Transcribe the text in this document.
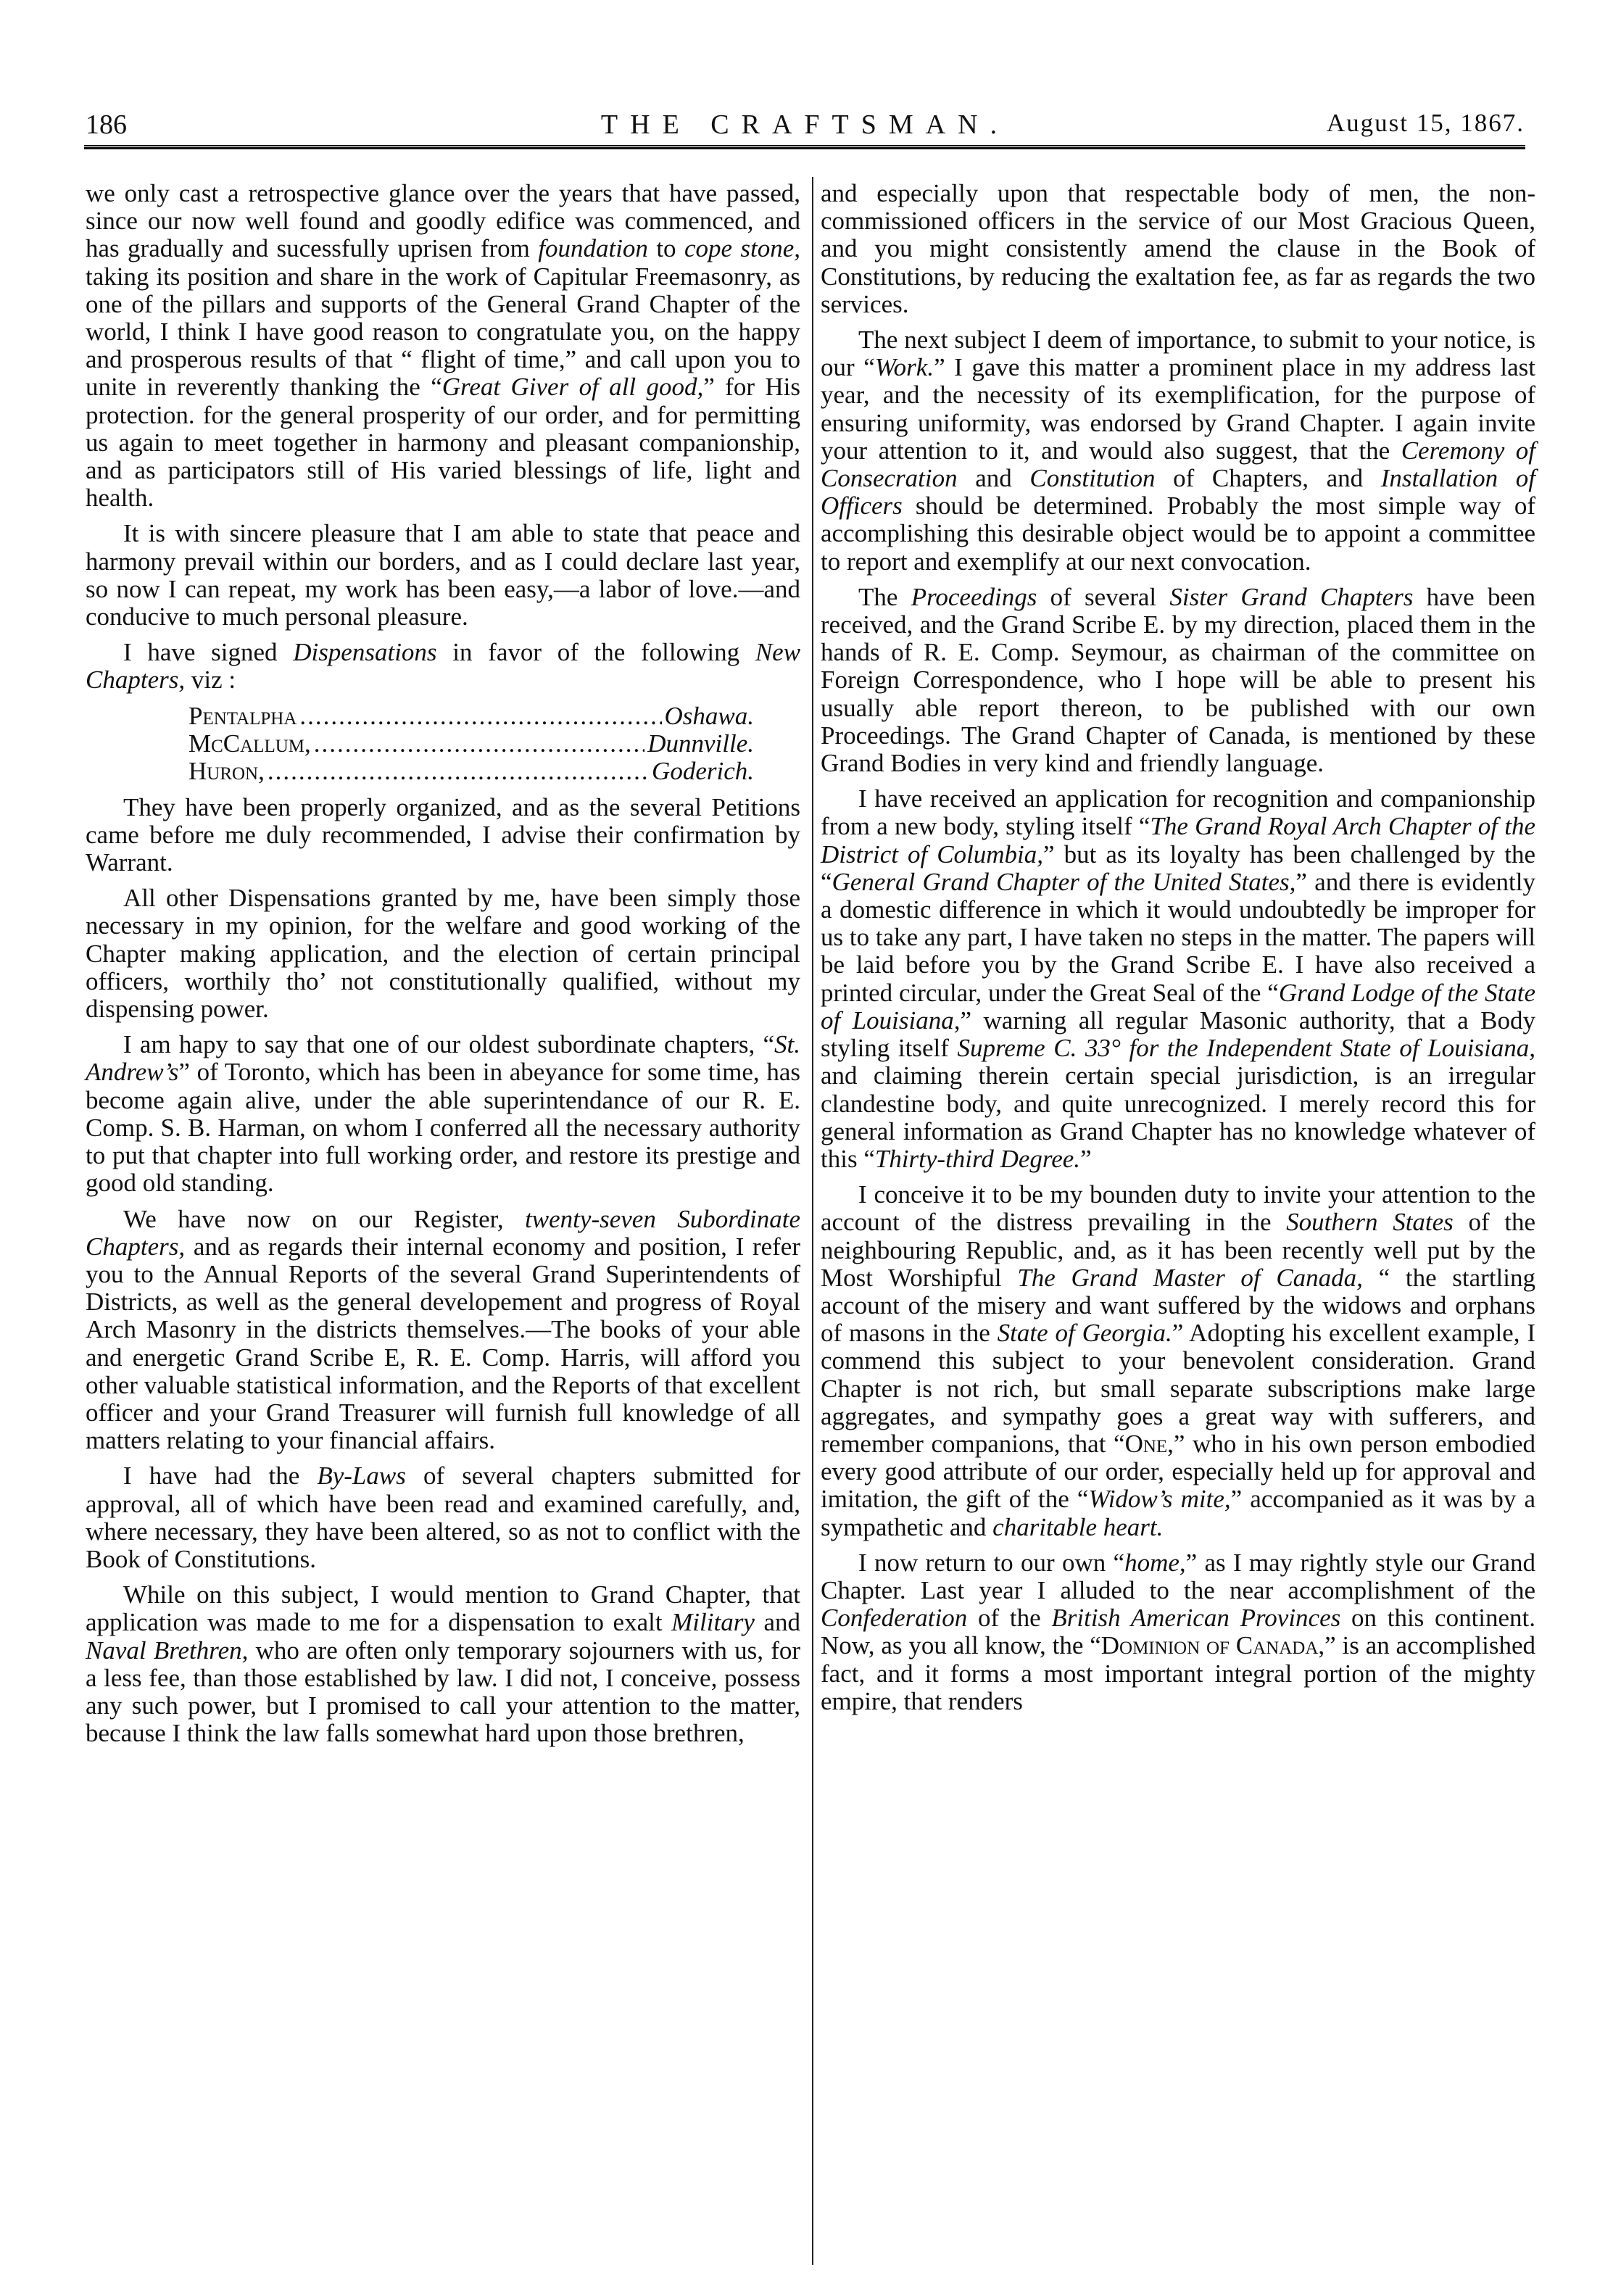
186	THE CRAFTSMAN.	August 15, 1867.

we only cast a retrospective glance over the years that have passed, since our now well found and goodly edifice was commenced, and has gradually and sucessfully uprisen from foundation to cope stone, taking its position and share in the work of Capitular Freemasonry, as one of the pillars and supports of the General Grand Chapter of the world, I think I have good reason to congratulate you, on the happy and prosperous results of that “ flight of time,” and call upon you to unite in reverently thanking the “Great Giver of all good,” for His protection. for the general prosperity of our order, and for permitting us again to meet together in harmony and pleasant companionship, and as participators still of His varied blessings of life, light and health.

It is with sincere pleasure that I am able to state that peace and harmony prevail within our borders, and as I could declare last year, so now I can repeat, my work has been easy,—a labor of love.—and conducive to much personal pleasure.

I have signed Dispensations in favor of the following New Chapters, viz :

Pentalpha .....	Oshawa.
McCallum, .....	Dunnville.
Huron, .....	Goderich.

They have been properly organized, and as the several Petitions came before me duly recommended, I advise their confirmation by Warrant.

All other Dispensations granted by me, have been simply those necessary in my opinion, for the welfare and good working of the Chapter making application, and the election of certain principal officers, worthily tho’ not constitutionally qualified, without my dispensing power.

I am hapy to say that one of our oldest subordinate chapters, “St. Andrew’s” of Toronto, which has been in abeyance for some time, has become again alive, under the able superintendance of our R. E. Comp. S. B. Harman, on whom I conferred all the necessary authority to put that chapter into full working order, and restore its prestige and good old standing.

We have now on our Register, twenty-seven Subordinate Chapters, and as regards their internal economy and position, I refer you to the Annual Reports of the several Grand Superintendents of Districts, as well as the general developement and progress of Royal Arch Masonry in the districts themselves.—The books of your able and energetic Grand Scribe E, R. E. Comp. Harris, will afford you other valuable statistical information, and the Reports of that excellent officer and your Grand Treasurer will furnish full knowledge of all matters relating to your financial affairs.

I have had the By-Laws of several chapters submitted for approval, all of which have been read and examined carefully, and, where necessary, they have been altered, so as not to conflict with the Book of Constitutions.

While on this subject, I would mention to Grand Chapter, that application was made to me for a dispensation to exalt Military and Naval Brethren, who are often only temporary sojourners with us, for a less fee, than those established by law. I did not, I conceive, possess any such power, but I promised to call your attention to the matter, because I think the law falls somewhat hard upon those brethren,

and especially upon that respectable body of men, the non-commissioned officers in the service of our Most Gracious Queen, and you might consistently amend the clause in the Book of Constitutions, by reducing the exaltation fee, as far as regards the two services.

The next subject I deem of importance, to submit to your notice, is our “Work.” I gave this matter a prominent place in my address last year, and the necessity of its exemplification, for the purpose of ensuring uniformity, was endorsed by Grand Chapter. I again invite your attention to it, and would also suggest, that the Ceremony of Consecration and Constitution of Chapters, and Installation of Officers should be determined. Probably the most simple way of accomplishing this desirable object would be to appoint a committee to report and exemplify at our next convocation.

The Proceedings of several Sister Grand Chapters have been received, and the Grand Scribe E. by my direction, placed them in the hands of R. E. Comp. Seymour, as chairman of the committee on Foreign Correspondence, who I hope will be able to present his usually able report thereon, to be published with our own Proceedings. The Grand Chapter of Canada, is mentioned by these Grand Bodies in very kind and friendly language.

I have received an application for recognition and companionship from a new body, styling itself “The Grand Royal Arch Chapter of the District of Columbia,” but as its loyalty has been challenged by the “General Grand Chapter of the United States,” and there is evidently a domestic difference in which it would undoubtedly be improper for us to take any part, I have taken no steps in the matter. The papers will be laid before you by the Grand Scribe E. I have also received a printed circular, under the Great Seal of the “Grand Lodge of the State of Louisiana,” warning all regular Masonic authority, that a Body styling itself Supreme C. 33° for the Independent State of Louisiana, and claiming therein certain special jurisdiction, is an irregular clandestine body, and quite unrecognized. I merely record this for general information as Grand Chapter has no knowledge whatever of this “Thirty-third Degree.”

I conceive it to be my bounden duty to invite your attention to the account of the distress prevailing in the Southern States of the neighbouring Republic, and, as it has been recently well put by the Most Worshipful The Grand Master of Canada, “ the startling account of the misery and want suffered by the widows and orphans of masons in the State of Georgia.” Adopting his excellent example, I commend this subject to your benevolent consideration. Grand Chapter is not rich, but small separate subscriptions make large aggregates, and sympathy goes a great way with sufferers, and remember companions, that “One,” who in his own person embodied every good attribute of our order, especially held up for approval and imitation, the gift of the “Widow’s mite,” accompanied as it was by a sympathetic and charitable heart.

I now return to our own “home,” as I may rightly style our Grand Chapter. Last year I alluded to the near accomplishment of the Confederation of the British American Provinces on this continent. Now, as you all know, the “Dominion of Canada,” is an accomplished fact, and it forms a most important integral portion of the mighty empire, that renders
